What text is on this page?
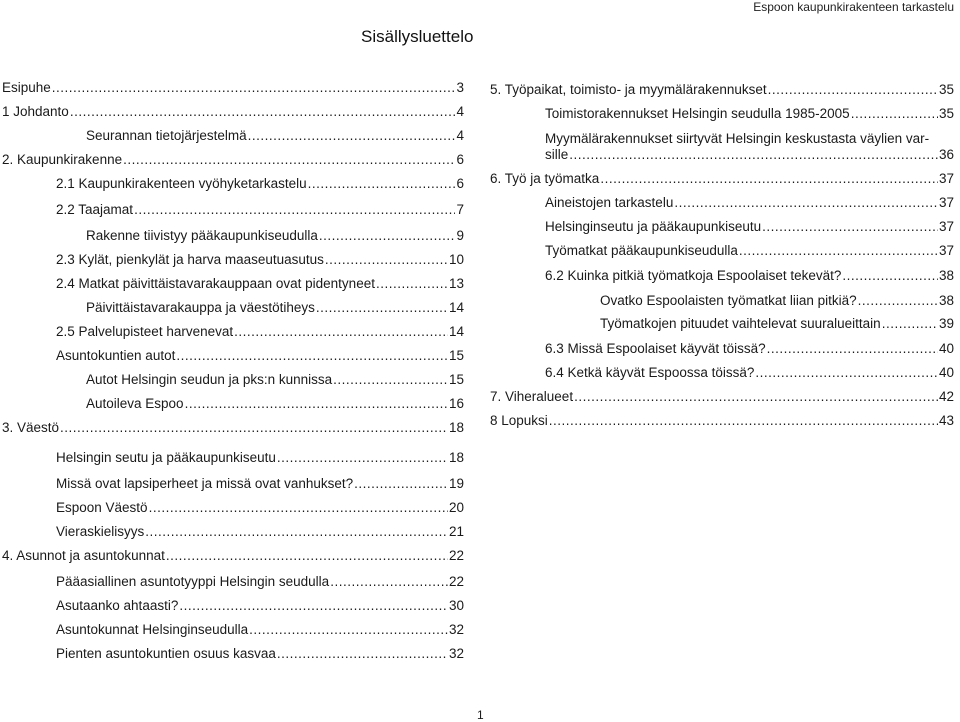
Espoon kaupunkirakenteen tarkastelu
Sisällysluettelo
Esipuhe .....	3
1 Johdanto .....	4
Seurannan tietojärjestelmä .....	4
2. Kaupunkirakenne .....	6
2.1 Kaupunkirakenteen vyöhyketarkastelu .....	6
2.2 Taajamat .....	7
Rakenne tiivistyy pääkaupunkiseudulla .....	9
2.3 Kylät, pienkylät ja harva maaseutuasutus .....	10
2.4 Matkat päivittäistavarakauppaan ovat pidentyneet .....	13
Päivittäistavarakauppa ja väestötiheys .....	14
2.5 Palvelupisteet harvenevat .....	14
Asuntokuntien autot .....	15
Autot Helsingin seudun ja pks:n kunnissa .....	15
Autoileva Espoo .....	16
3. Väestö .....	18
Helsingin seutu ja pääkaupunkiseutu .....	18
Missä ovat lapsiperheet ja missä ovat vanhukset? .....	19
Espoon Väestö .....	20
Vieraskielisyys .....	21
4. Asunnot ja asuntokunnat .....	22
Pääasiallinen asuntotyyppi Helsingin seudulla .....	22
Asutaanko ahtaasti? .....	30
Asuntokunnat Helsinginseudulla .....	32
Pienten asuntokuntien osuus kasvaa .....	32
5. Työpaikat, toimisto- ja myymälärakennukset .....	35
Toimistorakennukset Helsingin seudulla 1985-2005 .....	35
Myymälärakennukset siirtyvät Helsingin keskustasta väylien var-
sille .....	36
6. Työ ja työmatka .....	37
Aineistojen tarkastelu .....	37
Helsinginseutu ja pääkaupunkiseutu .....	37
Työmatkat pääkaupunkiseudulla .....	37
6.2 Kuinka pitkiä työmatkoja Espoolaiset tekevät? .....	38
Ovatko Espoolaisten työmatkat liian pitkiä? .....	38
Työmatkojen pituudet vaihtelevat suuralueittain .....	39
6.3 Missä Espoolaiset käyvät töissä? .....	40
6.4 Ketkä käyvät Espoossa töissä? .....	40
7. Viheralueet .....	42
8 Lopuksi .....	43
1
